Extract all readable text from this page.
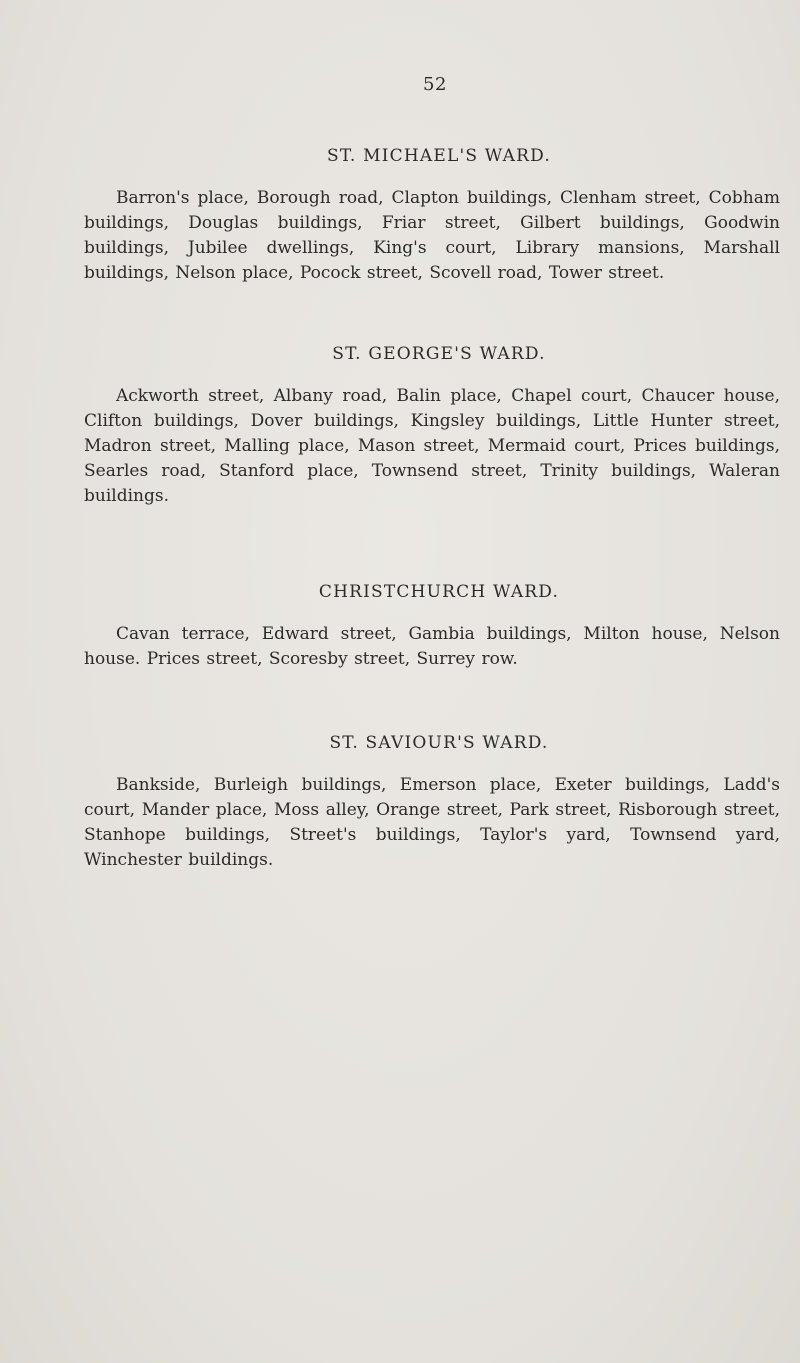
52
ST. MICHAEL'S WARD.

Barron's place, Borough road, Clapton buildings, Clenham street, Cobham buildings, Douglas buildings, Friar street, Gilbert buildings, Goodwin buildings, Jubilee dwellings, King's court, Library mansions, Marshall buildings, Nelson place, Pocock street, Scovell road, Tower street.

ST. GEORGE'S WARD.

Ackworth street, Albany road, Balin place, Chapel court, Chaucer house, Clifton buildings, Dover buildings, Kingsley buildings, Little Hunter street, Madron street, Malling place, Mason street, Mermaid court, Prices buildings, Searles road, Stanford place, Townsend street, Trinity buildings, Waleran buildings.

CHRISTCHURCH WARD.

Cavan terrace, Edward street, Gambia buildings, Milton house, Nelson house. Prices street, Scoresby street, Surrey row.

ST. SAVIOUR'S WARD.

Bankside, Burleigh buildings, Emerson place, Exeter buildings, Ladd's court, Mander place, Moss alley, Orange street, Park street, Risborough street, Stanhope buildings, Street's buildings, Taylor's yard, Townsend yard, Winchester buildings.
